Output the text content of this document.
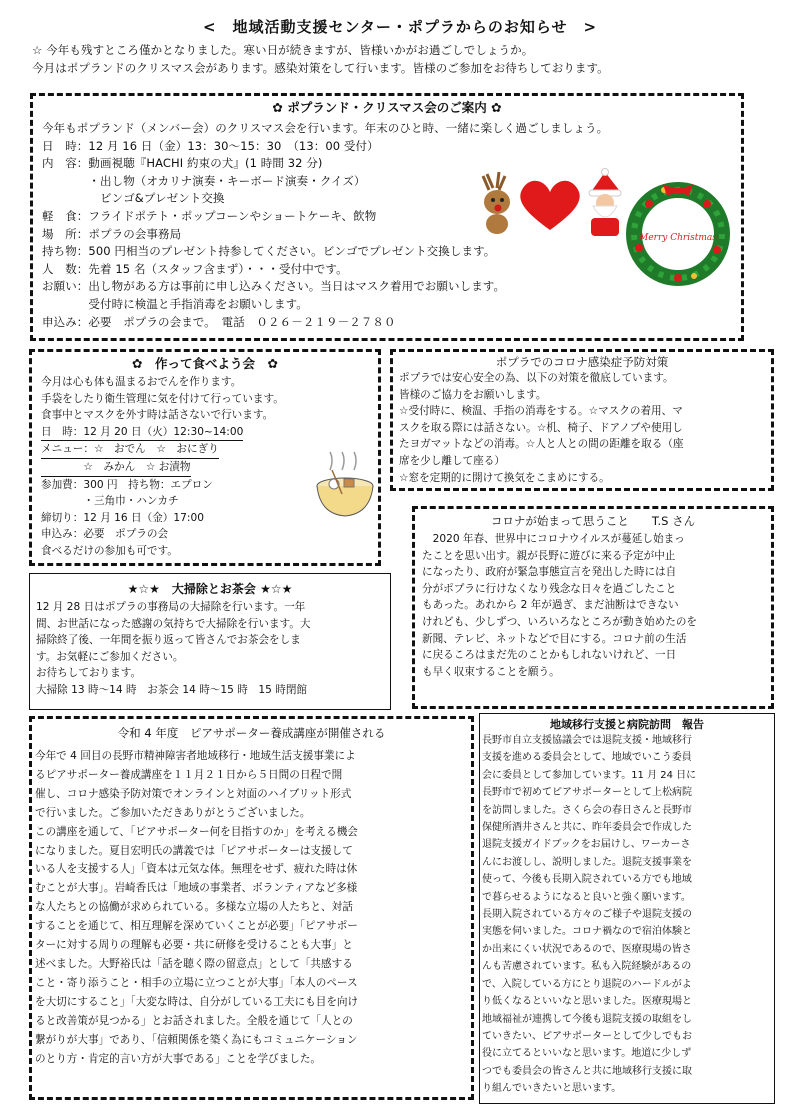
<　地域活動支援センター・ポプラからのお知らせ　>
☆ 今年も残すところ僅かとなりました。寒い日が続きますが、皆様いかがお過ごしでしょうか。
今月はポプランドのクリスマス会があります。感染対策をして行います。皆様のご参加をお待ちしております。
✿ ポプランド・クリスマス会のご案内 ✿
今年もポプランド（メンバー会）のクリスマス会を行います。年末のひと時、一緒に楽しく過ごしましょう。
日　時：12 月 16 日（金）13：30～15：30　（13：00 受付）
内　容：動画視聴『HACHI 約束の犬』(1 時間 32 分)
　　　　・出し物（オカリナ演奏・キーボード演奏・クイズ）
　　　　　ビンゴ&プレゼント交換
軽　食：フライドポテト・ポップコーンやショートケーキ、飲物
場　所：ポプラの会事務局
持ち物：500 円相当のプレゼント持参してください。ビンゴでプレゼント交換します。
人　数：先着 15 名（スタッフ含まず）・・・受付中です。
お願い：出し物がある方は事前に申し込みください。当日はマスク着用でお願いします。
　　　　受付時に検温と手指消毒をお願いします。
申込み：必要　ポプラの会まで。　電話　０２６－２１９－２７８０
Merry Christmas
✿　作って食べよう会　✿
今月は心も体も温まるおでんを作ります。
手袋をしたり衛生管理に気を付けて行っています。
食事中とマスクを外す時は話さないで行います。
日　時：12 月 20 日（火）12:30~14:00
メニュー：☆　おでん　☆　おにぎり
　　　　☆　みかん　☆ お漬物
参加費：300 円　持ち物：エプロン
　　　　・三角巾・ハンカチ
締切り：12 月 16 日（金）17:00
申込み：必要　ポプラの会
食べるだけの参加も可です。
ポプラでのコロナ感染症予防対策
ポプラでは安心安全の為、以下の対策を徹底しています。
皆様のご協力をお願いします。
☆受付時に、検温、手指の消毒をする。☆マスクの着用、マ
スクを取る際には話さない。☆机、椅子、ドアノブや使用し
たヨガマットなどの消毒。☆人と人との間の距離を取る（座
席を少し離して座る）
☆窓を定期的に開けて換気をこまめにする。
★☆★　大掃除とお茶会 ★☆★
12 月 28 日はポプラの事務局の大掃除を行います。一年
間、お世話になった感謝の気持ちで大掃除を行います。大
掃除終了後、一年間を振り返って皆さんでお茶会をしま
す。お気軽にご参加ください。
お待ちしております。
大掃除 13 時～14 時　お茶会 14 時～15 時　15 時閉館
コロナが始まって思うこと　　T.S さん
　2020 年春、世界中にコロナウイルスが蔓延し始まっ
たことを思い出す。親が長野に遊びに来る予定が中止
になったり、政府が緊急事態宣言を発出した時には自
分がポプラに行けなくなり残念な日々を過ごしたこと
もあった。あれから 2 年が過ぎ、まだ油断はできない
けれども、少しずつ、いろいろなところが動き始めたのを
新聞、テレビ、ネットなどで目にする。コロナ前の生活
に戻るころはまだ先のことかもしれないけれど、一日
も早く収束することを願う。
令和 4 年度　ピアサポーター養成講座が開催される
今年で 4 回目の長野市精神障害者地域移行・地域生活支援事業によ
るピアサポーター養成講座を１１月２１日から５日間の日程で開
催し、コロナ感染予防対策でオンラインと対面のハイブリット形式
で行いました。ご参加いただきありがとうございました。
この講座を通して、「ピアサポーター何を目指すのか」を考える機会
になりました。夏目宏明氏の講義では「ピアサポーターは支援して
いる人を支援する人」「資本は元気な体。無理をせず、疲れた時は休
むことが大事」。岩崎香氏は「地域の事業者、ボランティアなど多様
な人たちとの協働が求められている。多様な立場の人たちと、対話
することを通じて、相互理解を深めていくことが必要」「ピアサポー
ターに対する周りの理解も必要・共に研修を受けることも大事」と
述べました。大野裕氏は「話を聴く際の留意点」として「共感する
こと・寄り添うこと・相手の立場に立つことが大事」「本人のペース
を大切にすること」「大変な時は、自分がしている工夫にも目を向け
ると改善策が見つかる」とお話されました。全般を通じて「人との
繋がりが大事」であり、「信頼関係を築く為にもコミュニケーション
のとり方・肯定的言い方が大事である」ことを学びました。
地域移行支援と病院訪問　報告
長野市自立支援協議会では退院支援・地域移行
支援を進める委員会として、地域でいこう委員
会に委員として参加しています。11 月 24 日に
長野市で初めてピアサポーターとして上松病院
を訪問しました。さくら会の春日さんと長野市
保健所酒井さんと共に、昨年委員会で作成した
退院支援ガイドブックをお届けし、ワーカーさ
んにお渡しし、説明しました。退院支援事業を
使って、今後も長期入院されている方でも地域
で暮らせるようになると良いと強く願います。
長期入院されている方々のご様子や退院支援の
実態を伺いました。コロナ禍なので宿泊体験と
か出来にくい状況であるので、医療現場の皆さ
んも苦慮されています。私も入院経験があるの
で、入院している方にとり退院のハードルがよ
り低くなるといいなと思いました。医療現場と
地域福祉が連携して今後も退院支援の取組をし
ていきたい、ピアサポーターとして少しでもお
役に立てるといいなと思います。地道に少しず
つでも委員会の皆さんと共に地域移行支援に取
り組んでいきたいと思います。
